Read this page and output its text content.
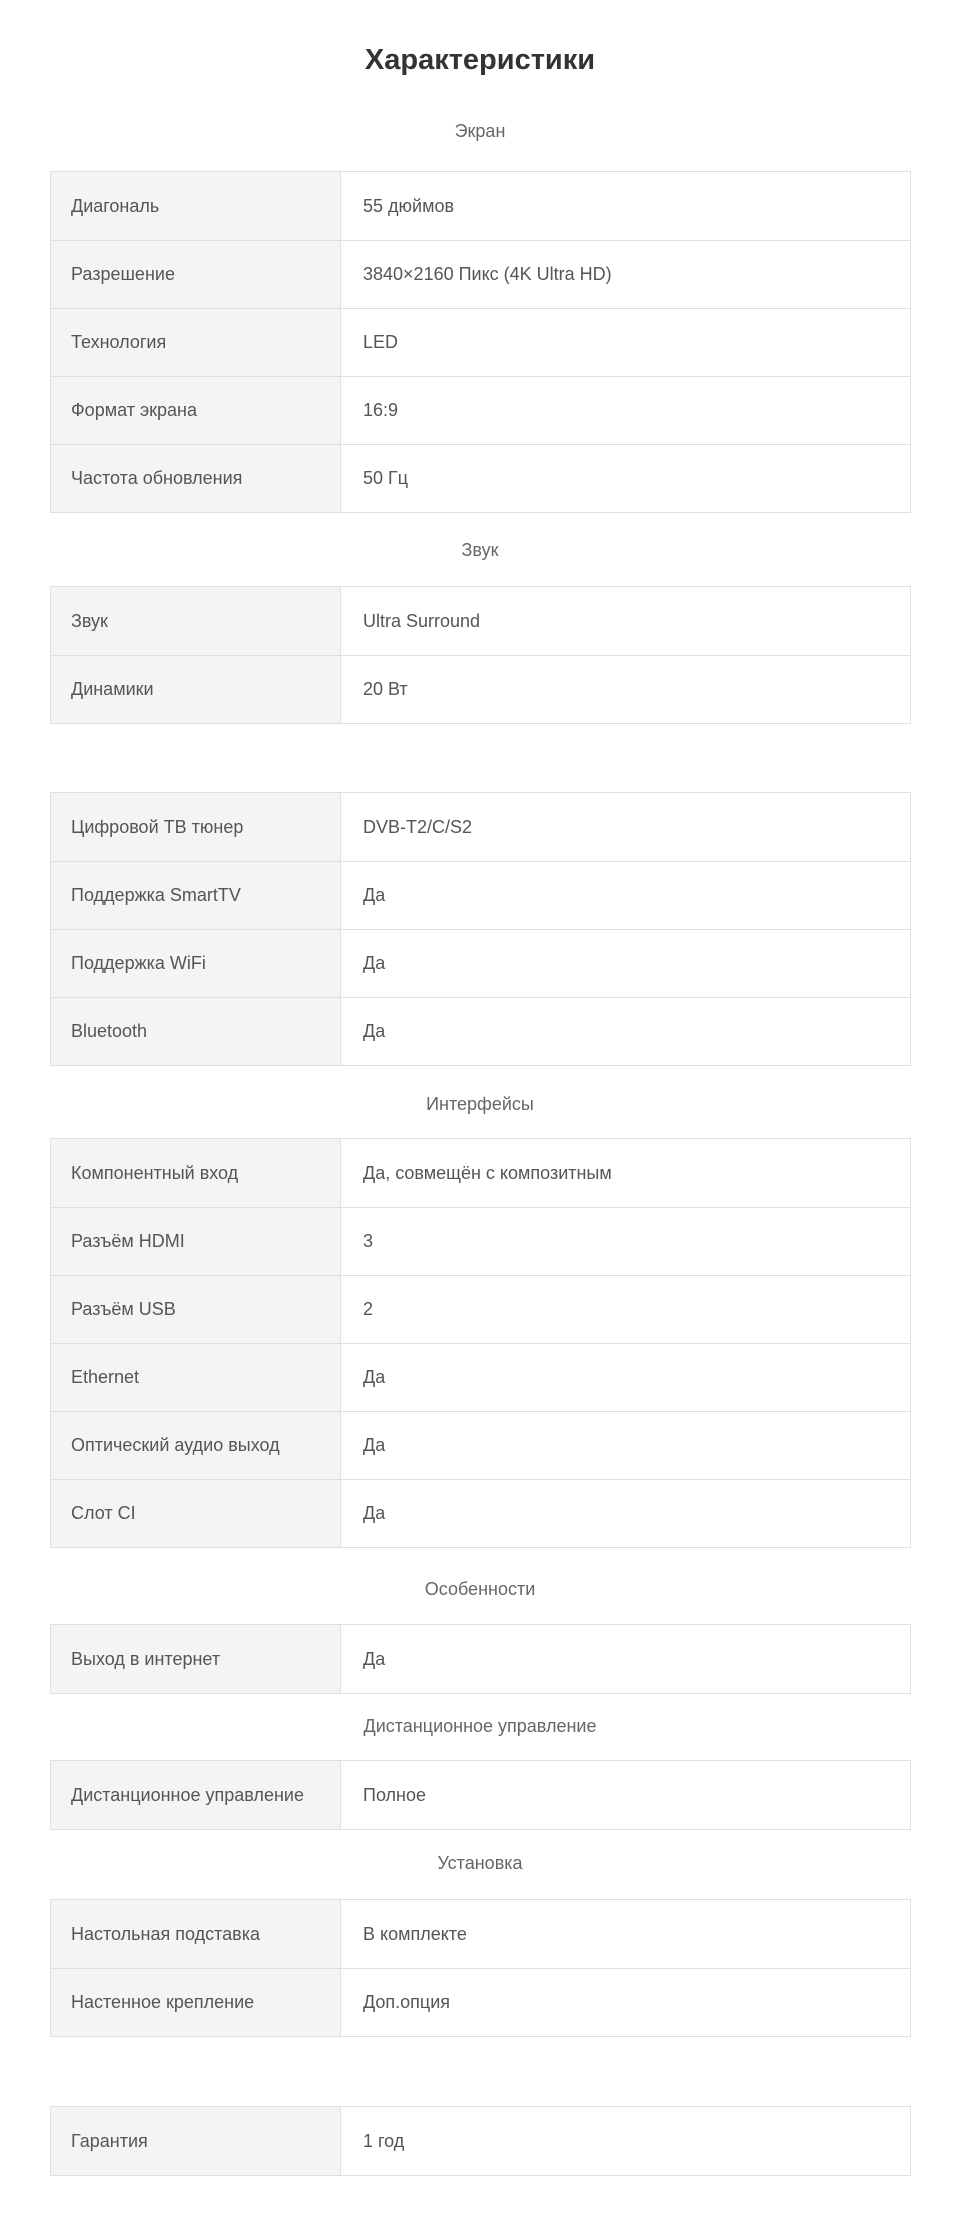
Характеристики
Экран
Диагональ	55 дюймов
Разрешение	3840×2160 Пикс (4K Ultra HD)
Технология	LED
Формат экрана	16:9
Частота обновления	50 Гц
Звук
Звук	Ultra Surround
Динамики	20 Вт
Цифровой ТВ тюнер	DVB-T2/C/S2
Поддержка SmartTV	Да
Поддержка WiFi	Да
Bluetooth	Да
Интерфейсы
Компонентный вход	Да, совмещён с композитным
Разъём HDMI	3
Разъём USB	2
Ethernet	Да
Оптический аудио выход	Да
Слот CI	Да
Особенности
Выход в интернет	Да
Дистанционное управление
Дистанционное управление	Полное
Установка
Настольная подставка	В комплекте
Настенное крепление	Доп.опция
Гарантия	1 год
